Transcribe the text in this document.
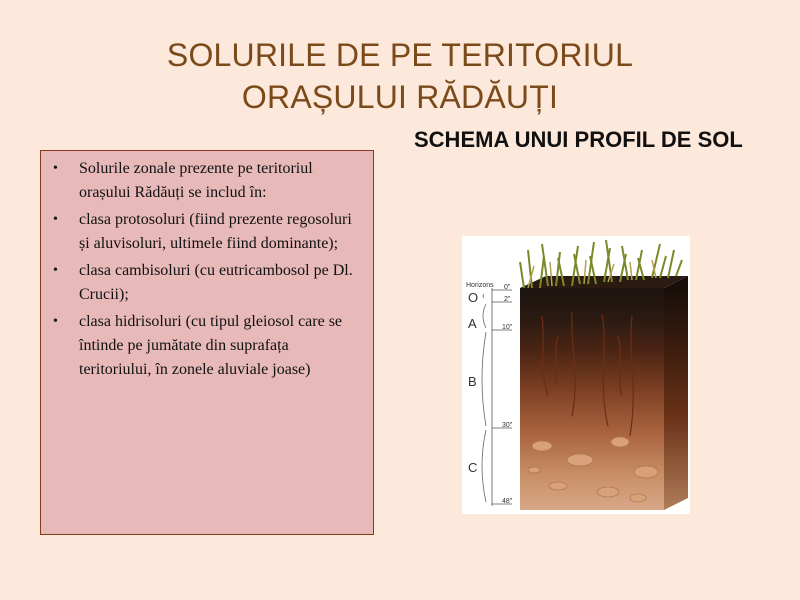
SOLURILE DE PE TERITORIUL
ORAȘULUI RĂDĂUȚI
• Solurile zonale prezente pe teritoriul orașului Rădăuți se includ în:
• clasa protosoluri (fiind prezente regosoluri și aluvisoluri, ultimele fiind dominante);
• clasa cambisoluri (cu eutricambosol pe Dl. Crucii);
• clasa hidrisoluri (cu tipul gleiosol care se întinde pe jumătate din suprafața teritoriului, în zonele aluviale joase)
SCHEMA UNUI PROFIL DE SOL
Horizons
O
A
B
C
0"
2"
10"
30"
48"
